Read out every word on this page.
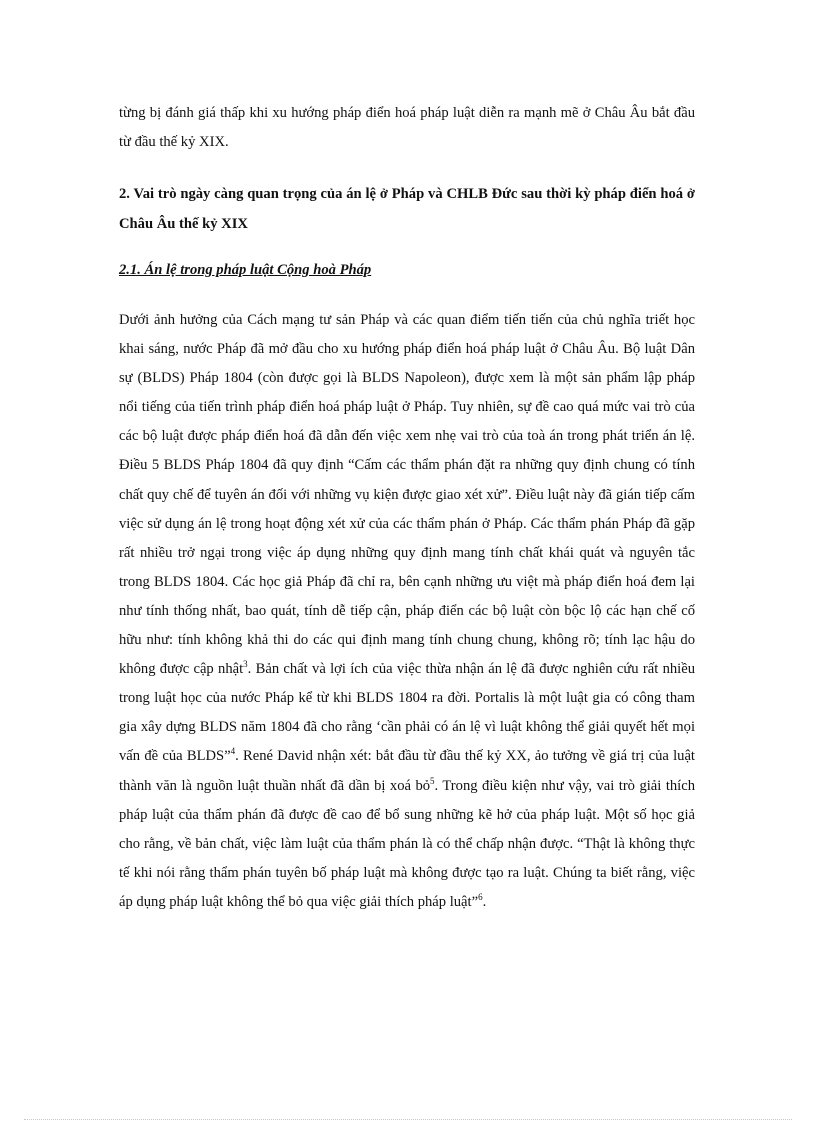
từng bị đánh giá thấp khi xu hướng pháp điển hoá pháp luật diễn ra mạnh mẽ ở Châu Âu bắt đầu từ đầu thế kỷ XIX.
2. Vai trò ngày càng quan trọng của án lệ ở Pháp và CHLB Đức sau thời kỳ pháp điển hoá ở Châu Âu thế kỷ XIX
2.1. Án lệ trong pháp luật Cộng hoà Pháp
Dưới ảnh hưởng của Cách mạng tư sản Pháp và các quan điểm tiến tiến của chủ nghĩa triết học khai sáng, nước Pháp đã mở đầu cho xu hướng pháp điển hoá pháp luật ở Châu Âu. Bộ luật Dân sự (BLDS) Pháp 1804 (còn được gọi là BLDS Napoleon), được xem là một sản phẩm lập pháp nổi tiếng của tiến trình pháp điển hoá pháp luật ở Pháp. Tuy nhiên, sự đề cao quá mức vai trò của các bộ luật được pháp điển hoá đã dẫn đến việc xem nhẹ vai trò của toà án trong phát triển án lệ. Điều 5 BLDS Pháp 1804 đã quy định “Cấm các thẩm phán đặt ra những quy định chung có tính chất quy chế để tuyên án đối với những vụ kiện được giao xét xử”. Điều luật này đã gián tiếp cấm việc sử dụng án lệ trong hoạt động xét xử của các thẩm phán ở Pháp. Các thẩm phán Pháp đã gặp rất nhiều trở ngại trong việc áp dụng những quy định mang tính chất khái quát và nguyên tắc trong BLDS 1804. Các học giả Pháp đã chỉ ra, bên cạnh những ưu việt mà pháp điển hoá đem lại như tính thống nhất, bao quát, tính dễ tiếp cận, pháp điển các bộ luật còn bộc lộ các hạn chế cố hữu như: tính không khả thi do các qui định mang tính chung chung, không rõ; tính lạc hậu do không được cập nhật$^3$. Bản chất và lợi ích của việc thừa nhận án lệ đã được nghiên cứu rất nhiều trong luật học của nước Pháp kể từ khi BLDS 1804 ra đời. Portalis là một luật gia có công tham gia xây dựng BLDS năm 1804 đã cho rằng ‘cần phải có án lệ vì luật không thể giải quyết hết mọi vấn đề của BLDS”$^4$. René David nhận xét: bắt đầu từ đầu thế kỷ XX, ảo tưởng về giá trị của luật thành văn là nguồn luật thuần nhất đã dần bị xoá bỏ$^5$. Trong điều kiện như vậy, vai trò giải thích pháp luật của thẩm phán đã được đề cao để bổ sung những kẽ hở của pháp luật. Một số học giả cho rằng, về bản chất, việc làm luật của thẩm phán là có thể chấp nhận được. “Thật là không thực tế khi nói rằng thẩm phán tuyên bố pháp luật mà không được tạo ra luật. Chúng ta biết rằng, việc áp dụng pháp luật không thể bỏ qua việc giải thích pháp luật”$^6$.
